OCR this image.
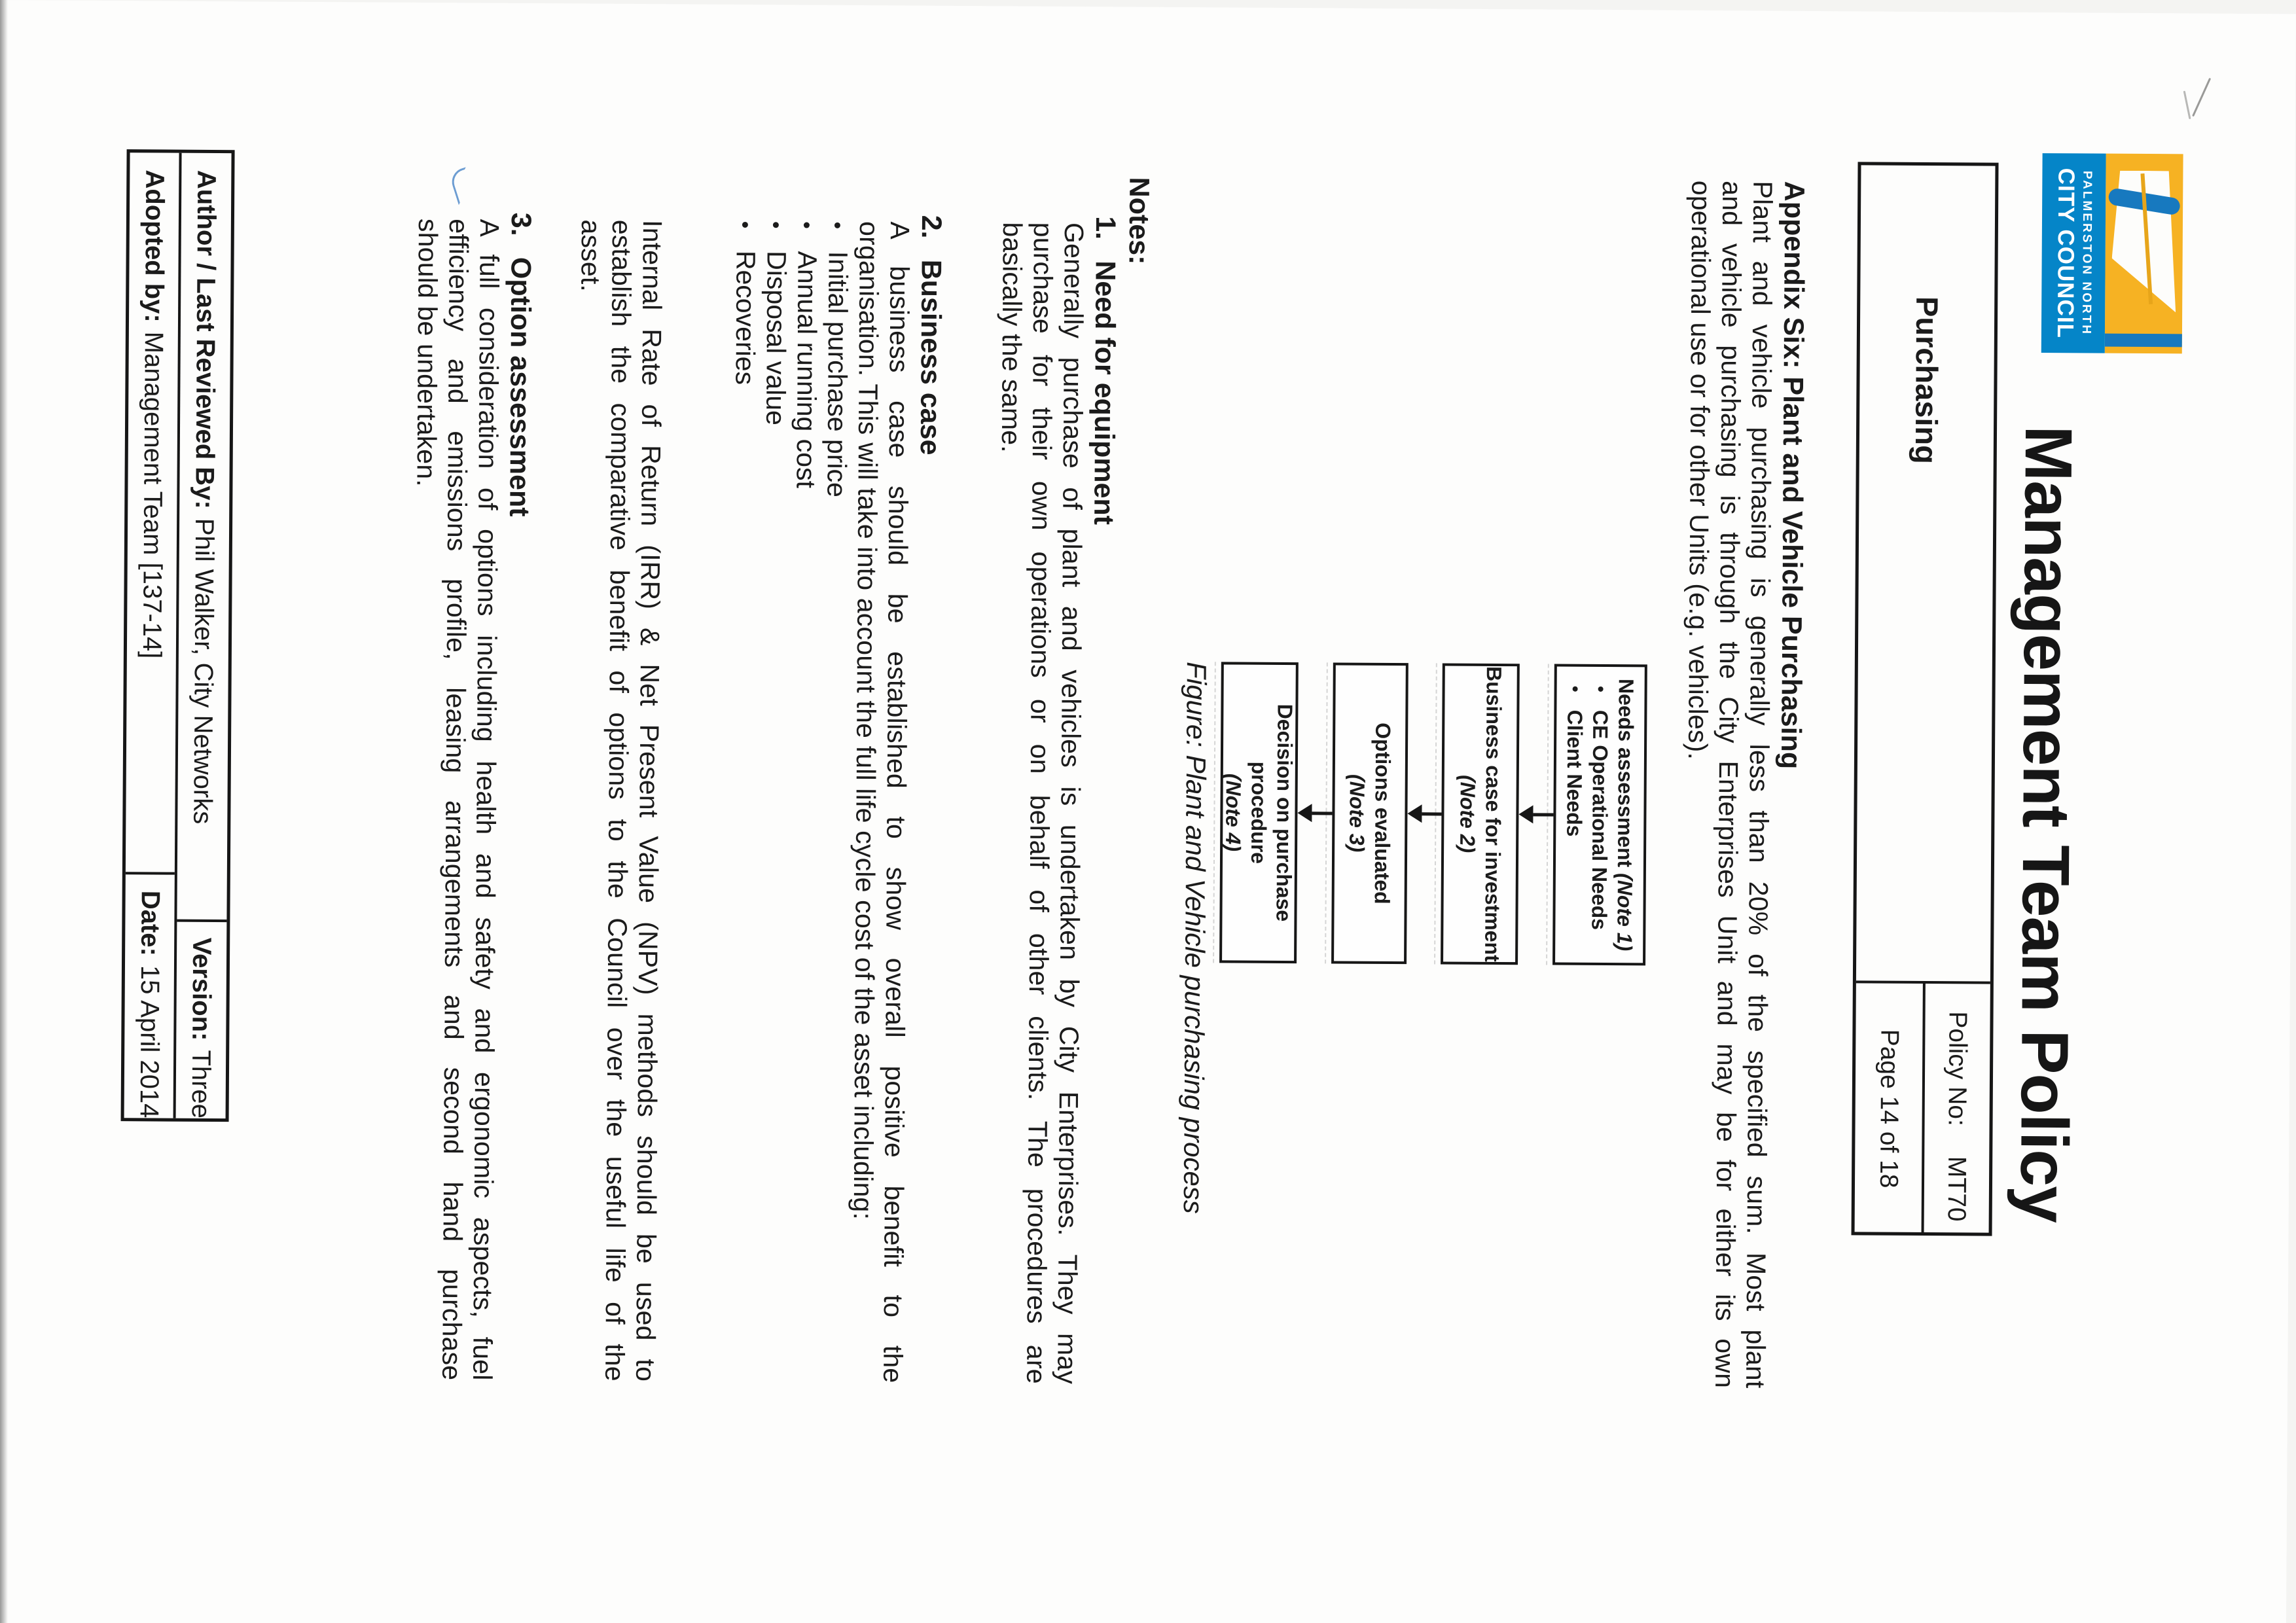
PALMERSTON NORTH
CITY COUNCIL
Management Team Policy
Purchasing
Policy No:
MT70
Page 14 of 18
Appendix Six: Plant and Vehicle Purchasing
Plant and vehicle purchasing is generally less than 20% of the specified sum. Most plant
and vehicle purchasing is through the City Enterprises Unit and may be for either its own
operational use or for other Units (e.g. vehicles).
Needs assessment (Note 1)
CE Operational Needs
Client Needs
Business case for investment
(Note 2)
Options evaluated
(Note 3)
Decision on purchase procedure
(Note 4)
Figure: Plant and Vehicle purchasing process
Notes:
1.
Need for equipment
Generally purchase of plant and vehicles is undertaken by City Enterprises. They may
purchase for their own operations or on behalf of other clients. The procedures are
basically the same.
2.
Business case
A business case should be established to show overall positive benefit to the
organisation. This will take into account the full life cycle cost of the asset including:
Initial purchase price
Annual running cost
Disposal value
Recoveries
Internal Rate of Return (IRR) & Net Present Value (NPV) methods should be used to
establish the comparative benefit of options to the Council over the useful life of the
asset.
3.
Option assessment
A full consideration of options including health and safety and ergonomic aspects, fuel
efficiency and emissions profile, leasing arrangements and second hand purchase
should be undertaken.
Author / Last Reviewed By:
Phil Walker, City Networks
Version:
Three
Adopted by:
Management Team [137-14]
Date:
15 April 2014
